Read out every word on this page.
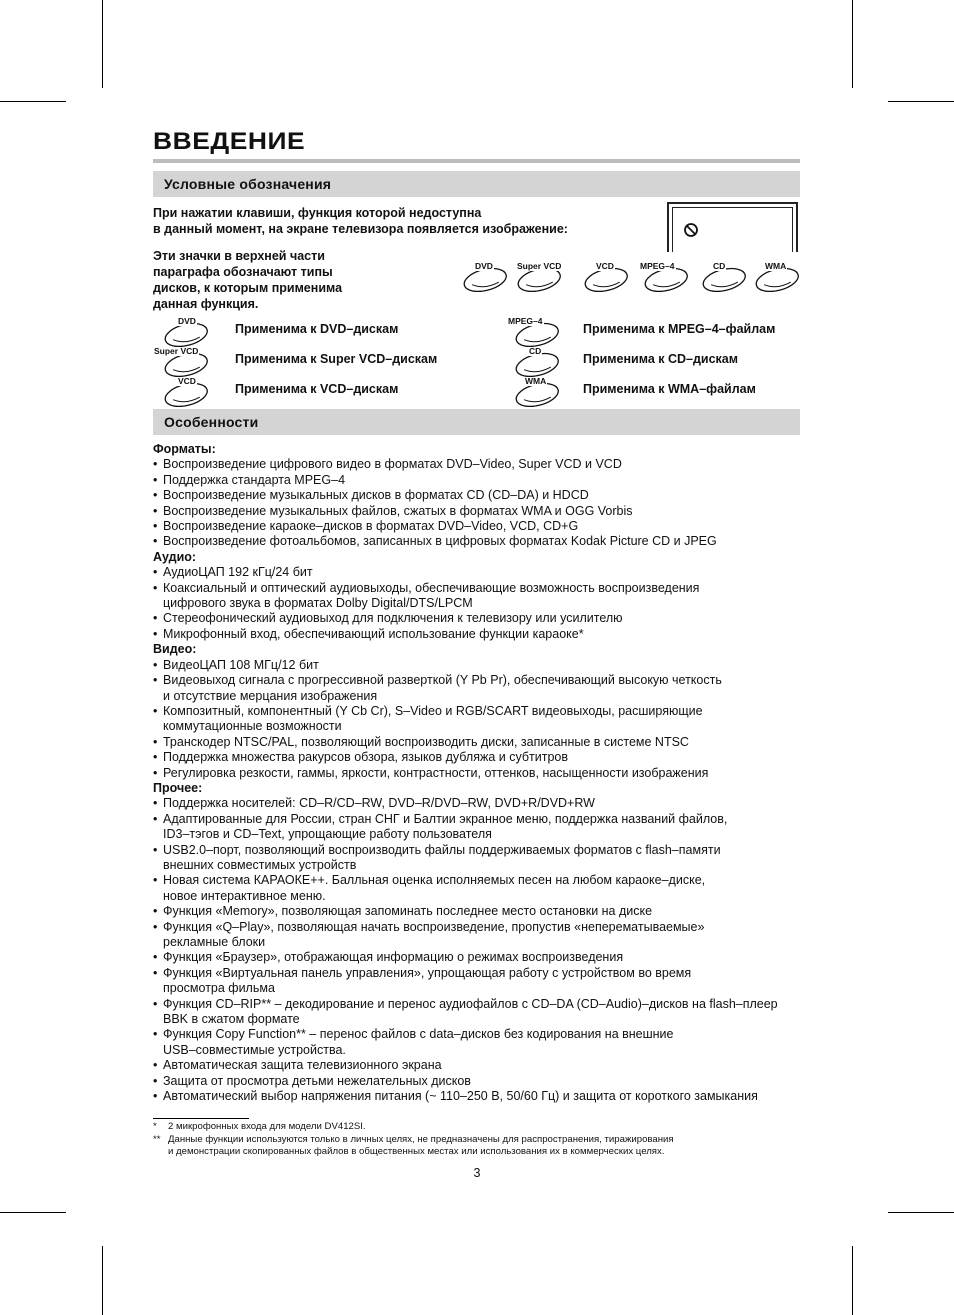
ВВЕДЕНИЕ
Условные обозначения
При нажатии клавиши, функция которой недоступна
в данный момент, на экране телевизора появляется изображение:
Эти значки в верхней части
параграфа обозначают типы
дисков, к которым применима
данная функция.
DVD	Super VCD	VCD	MPEG–4	CD	WMA
DVD
Применима к DVD–дискам
Super VCD
Применима к Super VCD–дискам
VCD
Применима к VCD–дискам
MPEG–4
Применима к MPEG–4–файлам
CD
Применима к CD–дискам
WMA
Применима к WMA–файлам
Особенности
Форматы:
• Воспроизведение цифрового видео в форматах DVD–Video, Super VCD и VCD
• Поддержка стандарта MPEG–4
• Воспроизведение музыкальных дисков в форматах CD (CD–DA) и HDCD
• Воспроизведение музыкальных файлов, сжатых в форматах WMA и OGG Vorbis
• Воспроизведение караоке–дисков в форматах DVD–Video, VCD, CD+G
• Воспроизведение фотоальбомов, записанных в цифровых форматах Kodak Picture CD и JPEG
Аудио:
• АудиоЦАП 192 кГц/24 бит
• Коаксиальный и оптический аудиовыходы, обеспечивающие возможность воспроизведения
цифрового звука в форматах Dolby Digital/DTS/LPCM
• Стереофонический аудиовыход для подключения к телевизору или усилителю
• Микрофонный вход, обеспечивающий использование функции караоке*
Видео:
• ВидеоЦАП 108 МГц/12 бит
• Видеовыход сигнала с прогрессивной разверткой (Y Pb Pr), обеспечивающий высокую четкость
и отсутствие мерцания изображения
• Композитный, компонентный (Y Cb Cr), S–Video и RGB/SCART видеовыходы, расширяющие
коммутационные возможности
• Транскодер NTSC/PAL, позволяющий воспроизводить диски, записанные в системе NTSC
• Поддержка множества ракурсов обзора, языков дубляжа и субтитров
• Регулировка резкости, гаммы, яркости, контрастности, оттенков, насыщенности изображения
Прочее:
• Поддержка носителей: CD–R/CD–RW, DVD–R/DVD–RW, DVD+R/DVD+RW
• Адаптированные для России, стран СНГ и Балтии экранное меню, поддержка названий файлов,
ID3–тэгов и CD–Text, упрощающие работу пользователя
• USB2.0–порт, позволяющий воспроизводить файлы поддерживаемых форматов с flash–памяти
внешних совместимых устройств
• Новая система КАРАОКЕ++. Балльная оценка исполняемых песен на любом караоке–диске,
новое интерактивное меню.
• Функция «Memory», позволяющая запоминать последнее место остановки на диске
• Функция «Q–Play», позволяющая начать воспроизведение, пропустив «неперематываемые»
рекламные блоки
• Функция «Браузер», отображающая информацию о режимах воспроизведения
• Функция «Виртуальная панель управления», упрощающая работу с устройством во время
просмотра фильма
• Функция CD–RIP** – декодирование и перенос аудиофайлов с CD–DA (CD–Audio)–дисков на flash–плеер
BBK в сжатом формате
• Функция Copy Function** – перенос файлов с data–дисков без кодирования на внешние
USB–совместимые устройства.
• Автоматическая защита телевизионного экрана
• Защита от просмотра детьми нежелательных дисков
• Автоматический выбор напряжения питания (~ 110–250 В, 50/60 Гц) и защита от короткого замыкания
* 2 микрофонных входа для модели DV412SI.
** Данные функции используются только в личных целях, не предназначены для распространения, тиражирования
и демонстрации скопированных файлов в общественных местах или использования их в коммерческих целях.
3
